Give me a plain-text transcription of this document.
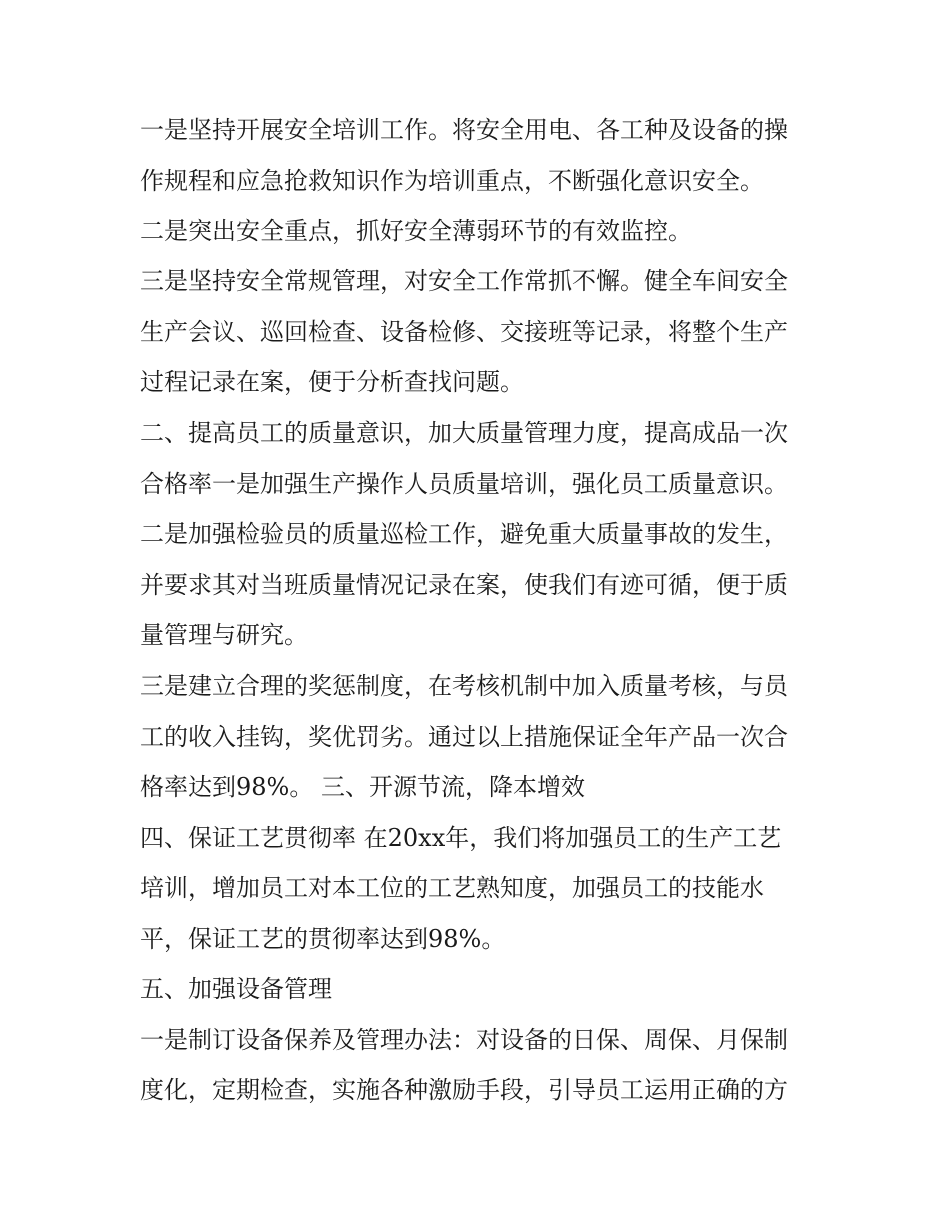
一是坚持开展安全培训工作。将安全用电、各工种及设备的操
作规程和应急抢救知识作为培训重点，不断强化意识安全。
二是突出安全重点，抓好安全薄弱环节的有效监控。
三是坚持安全常规管理，对安全工作常抓不懈。健全车间安全
生产会议、巡回检查、设备检修、交接班等记录，将整个生产
过程记录在案，便于分析查找问题。
二、提高员工的质量意识，加大质量管理力度，提高成品一次
合格率一是加强生产操作人员质量培训，强化员工质量意识。
二是加强检验员的质量巡检工作，避免重大质量事故的发生，
并要求其对当班质量情况记录在案，使我们有迹可循，便于质
量管理与研究。
三是建立合理的奖惩制度，在考核机制中加入质量考核，与员
工的收入挂钩，奖优罚劣。通过以上措施保证全年产品一次合
格率达到98%。 三、开源节流，降本增效
四、保证工艺贯彻率 在20xx年，我们将加强员工的生产工艺
培训，增加员工对本工位的工艺熟知度，加强员工的技能水
平，保证工艺的贯彻率达到98%。
五、加强设备管理
一是制订设备保养及管理办法：对设备的日保、周保、月保制
度化，定期检查，实施各种激励手段，引导员工运用正确的方
